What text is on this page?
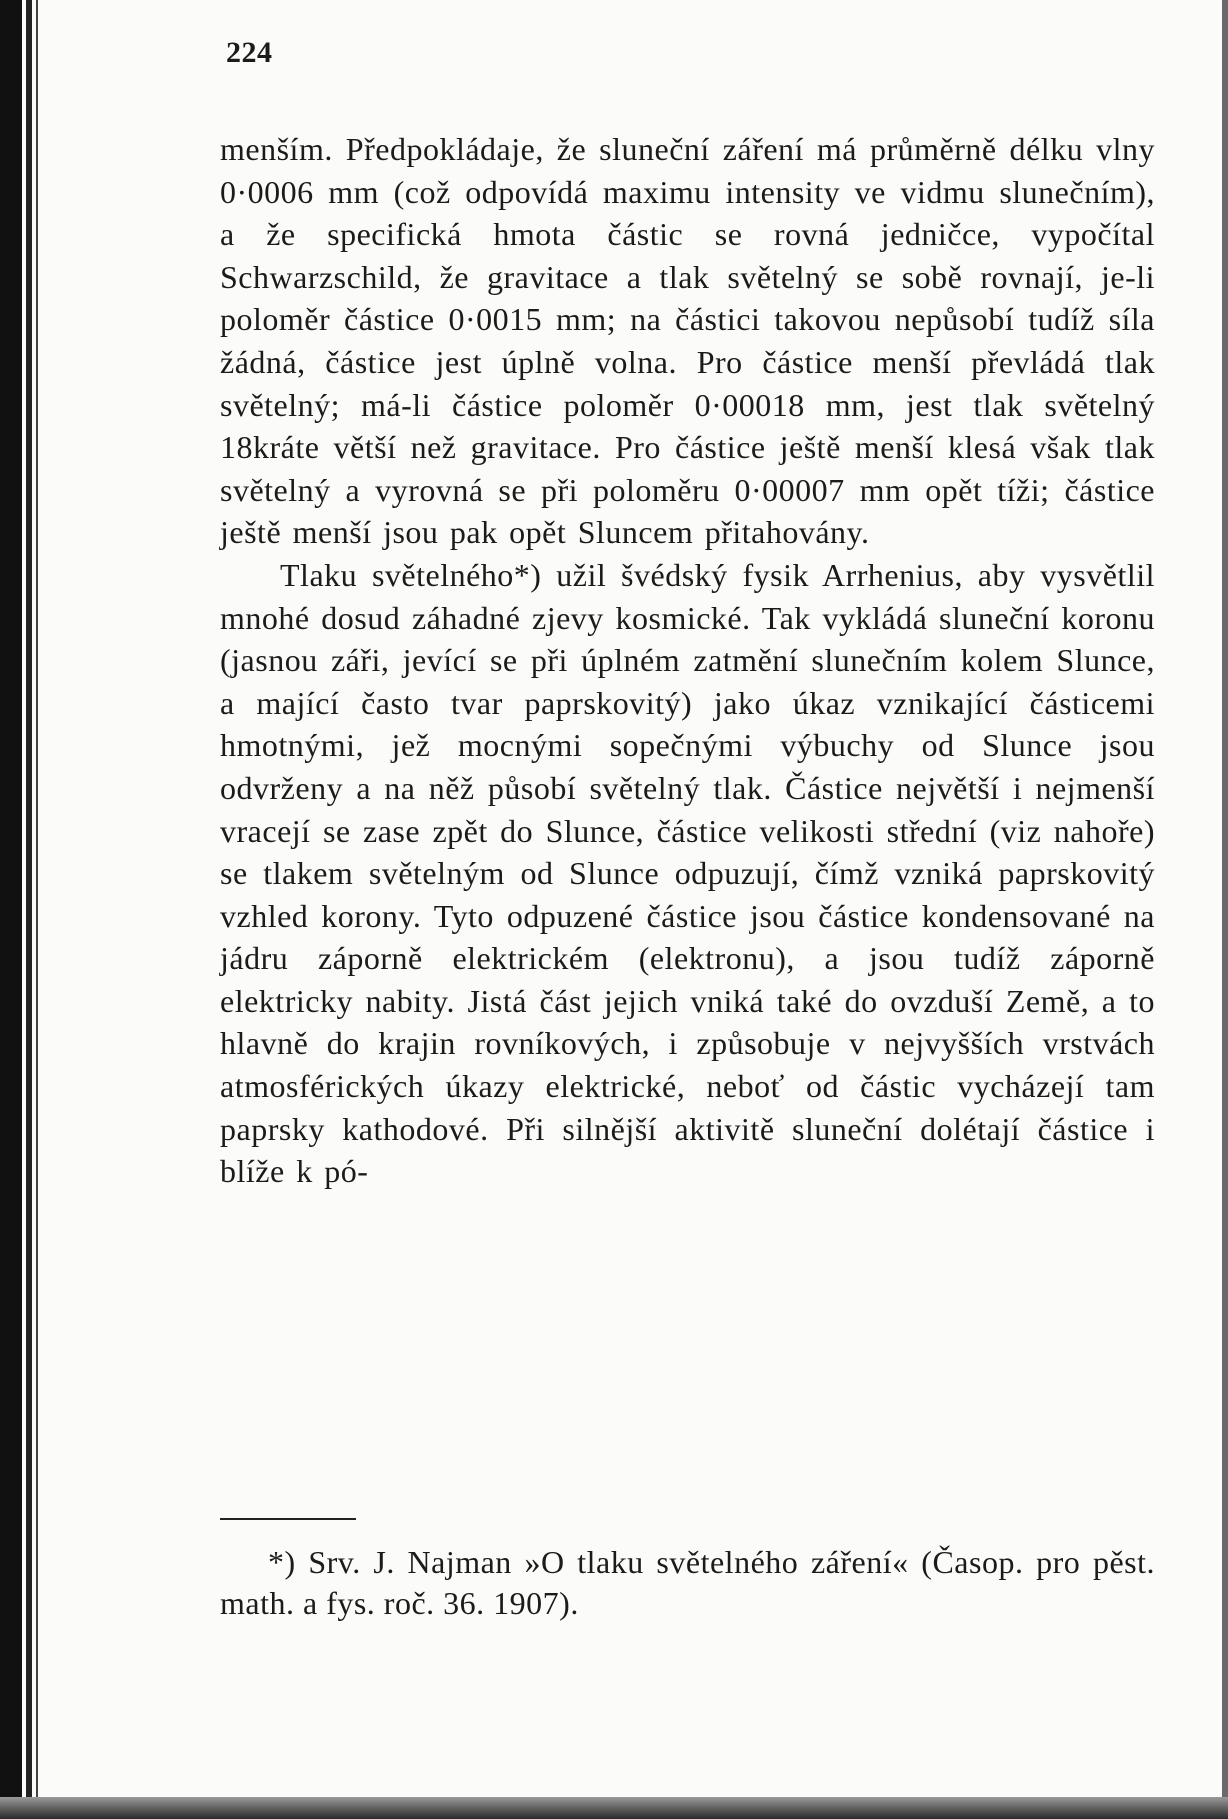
224

menším. Předpokládaje, že sluneční záření má průměrně délku vlny 0·0006 mm (což odpovídá maximu intensity ve vidmu slunečním), a že specifická hmota částic se rovná jedničce, vypočítal Schwarzschild, že gravitace a tlak světelný se sobě rovnají, je-li poloměr částice 0·0015 mm; na částici takovou nepůsobí tudíž síla žádná, částice jest úplně volna. Pro částice menší převládá tlak světelný; má-li částice poloměr 0·00018 mm, jest tlak světelný 18kráte větší než gravitace. Pro částice ještě menší klesá však tlak světelný a vyrovná se při poloměru 0·00007 mm opět tíži; částice ještě menší jsou pak opět Sluncem přitahovány.

Tlaku světelného*) užil švédský fysik Arrhenius, aby vysvětlil mnohé dosud záhadné zjevy kosmické. Tak vykládá sluneční koronu (jasnou záři, jevící se při úplném zatmění slunečním kolem Slunce, a mající často tvar paprskovitý) jako úkaz vznikající částicemi hmotnými, jež mocnými sopečnými výbuchy od Slunce jsou odvrženy a na něž působí světelný tlak. Částice největší i nejmenší vracejí se zase zpět do Slunce, částice velikosti střední (viz nahoře) se tlakem světelným od Slunce odpuzují, čímž vzniká paprskovitý vzhled korony. Tyto odpuzené částice jsou částice kondensované na jádru záporně elektrickém (elektronu), a jsou tudíž záporně elektricky nabity. Jistá část jejich vniká také do ovzduší Země, a to hlavně do krajin rovníkových, i způsobuje v nejvyšších vrstvách atmosférických úkazy elektrické, neboť od částic vycházejí tam paprsky kathodové. Při silnější aktivitě sluneční dolétají částice i blíže k pó-

*) Srv. J. Najman »O tlaku světelného záření« (Časop. pro pěst. math. a fys. roč. 36. 1907).
